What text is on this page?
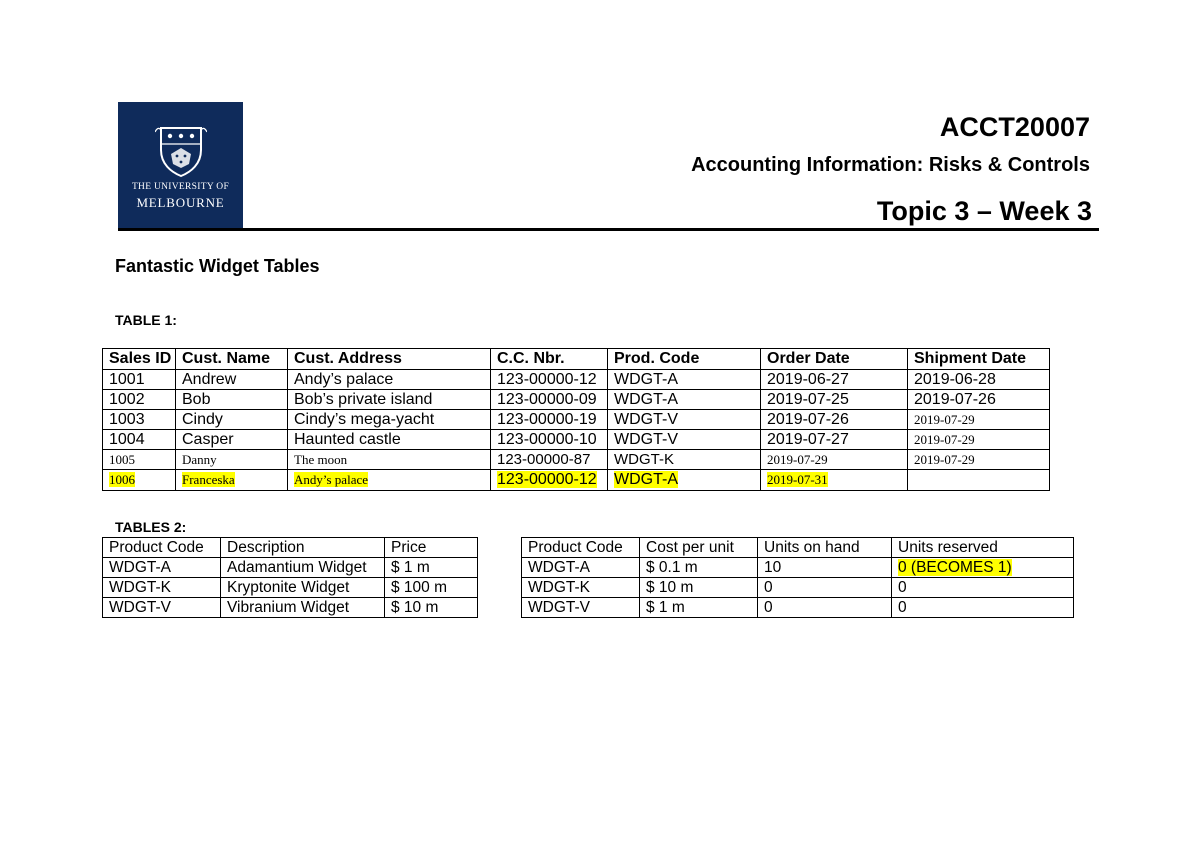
THE UNIVERSITY OF
MELBOURNE
ACCT20007
Accounting Information: Risks & Controls
Topic 3 – Week 3
Fantastic Widget Tables
TABLE 1:
Sales ID	Cust. Name	Cust. Address	C.C. Nbr.	Prod. Code	Order Date	Shipment Date
1001	Andrew	Andy’s palace	123-00000-12	WDGT-A	2019-06-27	2019-06-28
1002	Bob	Bob’s private island	123-00000-09	WDGT-A	2019-07-25	2019-07-26
1003	Cindy	Cindy’s mega-yacht	123-00000-19	WDGT-V	2019-07-26	2019-07-29
1004	Casper	Haunted castle	123-00000-10	WDGT-V	2019-07-27	2019-07-29
1005	Danny	The moon	123-00000-87	WDGT-K	2019-07-29	2019-07-29
1006	Franceska	Andy’s palace	123-00000-12	WDGT-A	2019-07-31	
TABLES 2:
Product Code	Description	Price
WDGT-A	Adamantium Widget	$ 1 m
WDGT-K	Kryptonite Widget	$ 100 m
WDGT-V	Vibranium Widget	$ 10 m
Product Code	Cost per unit	Units on hand	Units reserved
WDGT-A	$ 0.1 m	10	0 (BECOMES 1)
WDGT-K	$ 10 m	0	0
WDGT-V	$ 1 m	0	0
